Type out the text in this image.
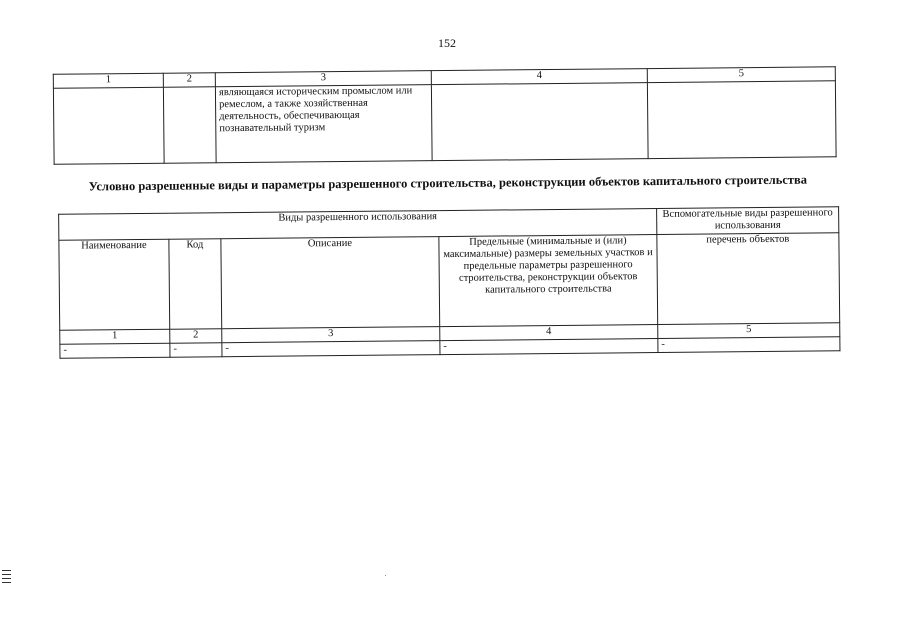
152
1	2	3	4	5
		являющаяся историческим промыслом или ремеслом, а также хозяйственная деятельность, обеспечивающая познавательный туризм		
Условно разрешенные виды и параметры разрешенного строительства, реконструкции объектов капитального строительства
Виды разрешенного использования				Вспомогательные виды разрешенного использования
Наименование	Код	Описание	Предельные (минимальные и (или) максимальные) размеры земельных участков и предельные параметры разрешенного строительства, реконструкции объектов капитального строительства	перечень объектов
1	2	3	4	5
-	-	-	-	-
